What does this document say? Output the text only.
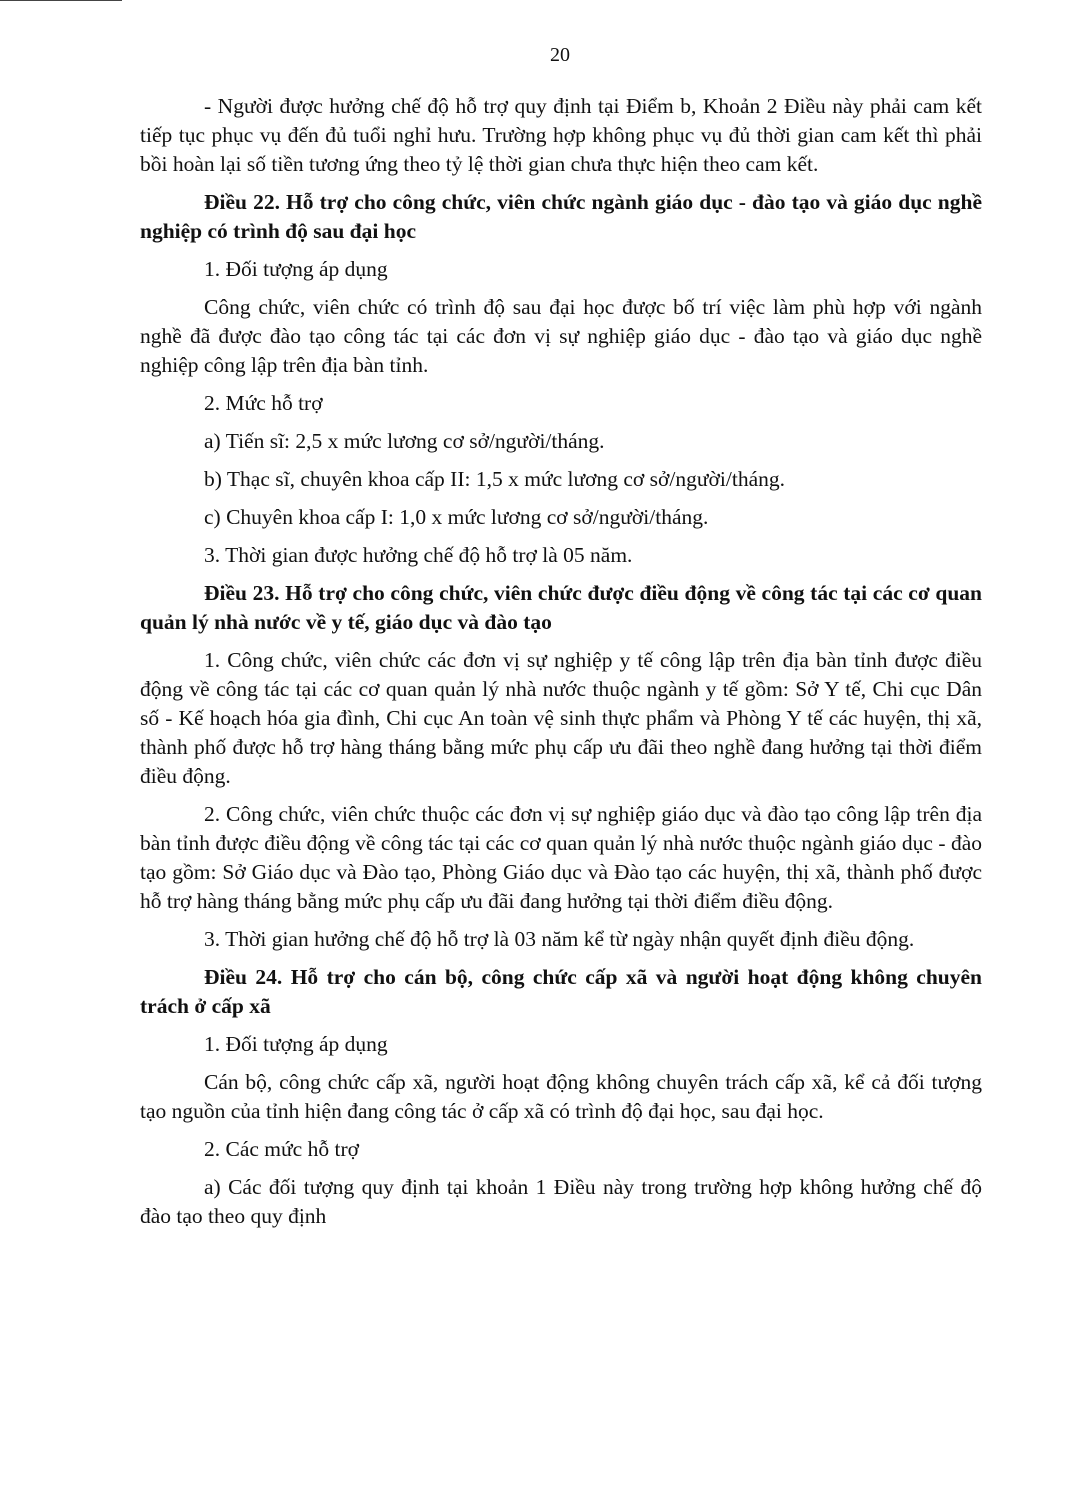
20

- Người được hưởng chế độ hỗ trợ quy định tại Điểm b, Khoản 2 Điều này phải cam kết tiếp tục phục vụ đến đủ tuổi nghỉ hưu. Trường hợp không phục vụ đủ thời gian cam kết thì phải bồi hoàn lại số tiền tương ứng theo tỷ lệ thời gian chưa thực hiện theo cam kết.

Điều 22. Hỗ trợ cho công chức, viên chức ngành giáo dục - đào tạo và giáo dục nghề nghiệp có trình độ sau đại học

1. Đối tượng áp dụng

Công chức, viên chức có trình độ sau đại học được bố trí việc làm phù hợp với ngành nghề đã được đào tạo công tác tại các đơn vị sự nghiệp giáo dục - đào tạo và giáo dục nghề nghiệp công lập trên địa bàn tỉnh.

2. Mức hỗ trợ

a) Tiến sĩ: 2,5 x mức lương cơ sở/người/tháng.

b) Thạc sĩ, chuyên khoa cấp II: 1,5 x mức lương cơ sở/người/tháng.

c) Chuyên khoa cấp I: 1,0 x mức lương cơ sở/người/tháng.

3. Thời gian được hưởng chế độ hỗ trợ là 05 năm.

Điều 23. Hỗ trợ cho công chức, viên chức được điều động về công tác tại các cơ quan quản lý nhà nước về y tế, giáo dục và đào tạo

1. Công chức, viên chức các đơn vị sự nghiệp y tế công lập trên địa bàn tỉnh được điều động về công tác tại các cơ quan quản lý nhà nước thuộc ngành y tế gồm: Sở Y tế, Chi cục Dân số - Kế hoạch hóa gia đình, Chi cục An toàn vệ sinh thực phẩm và Phòng Y tế các huyện, thị xã, thành phố được hỗ trợ hàng tháng bằng mức phụ cấp ưu đãi theo nghề đang hưởng tại thời điểm điều động.

2. Công chức, viên chức thuộc các đơn vị sự nghiệp giáo dục và đào tạo công lập trên địa bàn tỉnh được điều động về công tác tại các cơ quan quản lý nhà nước thuộc ngành giáo dục - đào tạo gồm: Sở Giáo dục và Đào tạo, Phòng Giáo dục và Đào tạo các huyện, thị xã, thành phố được hỗ trợ hàng tháng bằng mức phụ cấp ưu đãi đang hưởng tại thời điểm điều động.

3. Thời gian hưởng chế độ hỗ trợ là 03 năm kể từ ngày nhận quyết định điều động.

Điều 24. Hỗ trợ cho cán bộ, công chức cấp xã và người hoạt động không chuyên trách ở cấp xã

1. Đối tượng áp dụng

Cán bộ, công chức cấp xã, người hoạt động không chuyên trách cấp xã, kể cả đối tượng tạo nguồn của tỉnh hiện đang công tác ở cấp xã có trình độ đại học, sau đại học.

2. Các mức hỗ trợ

a) Các đối tượng quy định tại khoản 1 Điều này trong trường hợp không hưởng chế độ đào tạo theo quy định
